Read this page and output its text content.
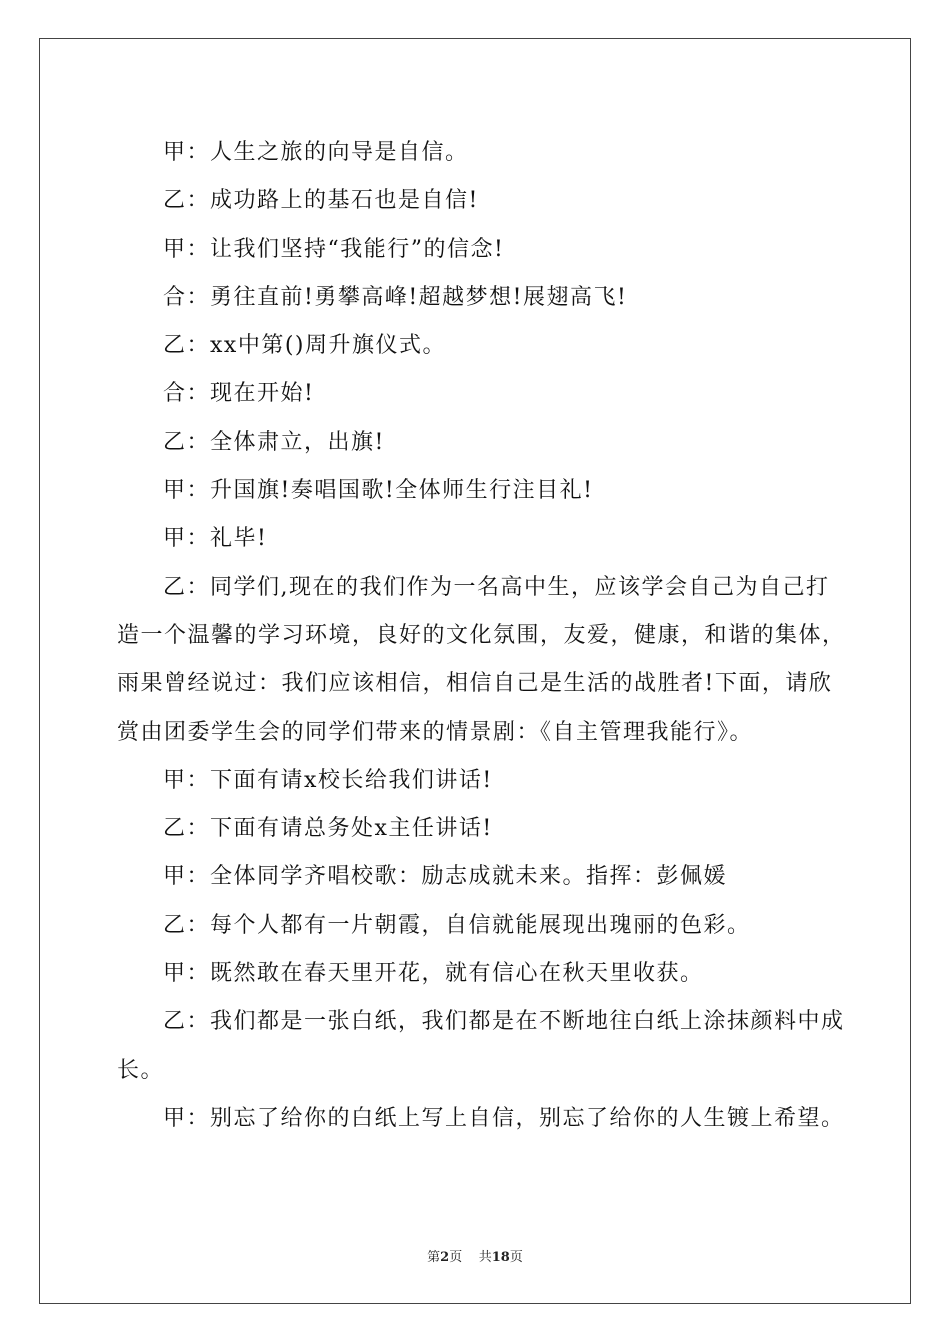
甲：人生之旅的向导是自信。

乙：成功路上的基石也是自信!

甲：让我们坚持“我能行”的信念!

合：勇往直前!勇攀高峰!超越梦想!展翅高飞!

乙：xx中第()周升旗仪式。

合：现在开始!

乙：全体肃立，出旗!

甲：升国旗!奏唱国歌!全体师生行注目礼!

甲：礼毕!

乙：同学们,现在的我们作为一名高中生，应该学会自己为自己打造一个温馨的学习环境，良好的文化氛围，友爱，健康，和谐的集体，雨果曾经说过：我们应该相信，相信自己是生活的战胜者!下面，请欣赏由团委学生会的同学们带来的情景剧：《自主管理我能行》。

甲：下面有请x校长给我们讲话!

乙：下面有请总务处x主任讲话!

甲：全体同学齐唱校歌：励志成就未来。指挥：彭佩媛

乙：每个人都有一片朝霞，自信就能展现出瑰丽的色彩。

甲：既然敢在春天里开花，就有信心在秋天里收获。

乙：我们都是一张白纸，我们都是在不断地往白纸上涂抹颜料中成长。

甲：别忘了给你的白纸上写上自信，别忘了给你的人生镀上希望。

第2页 共18页
